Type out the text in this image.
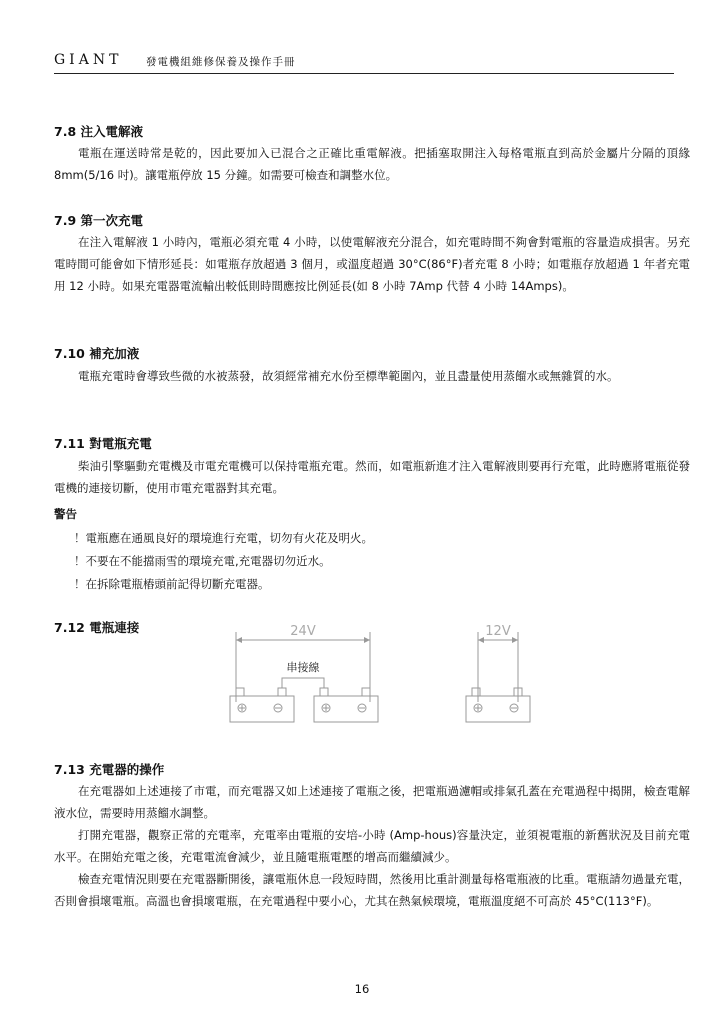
GIANT 發電機組維修保養及操作手冊
7.8 注入電解液

電瓶在運送時常是乾的，因此要加入已混合之正確比重電解液。把插塞取開注入每格電瓶直到高於金屬片分隔的頂緣 8mm(5/16 吋)。讓電瓶停放 15 分鐘。如需要可檢查和調整水位。

7.9 第一次充電

在注入電解液 1 小時內，電瓶必須充電 4 小時，以使電解液充分混合，如充電時間不夠會對電瓶的容量造成損害。另充電時間可能會如下情形延長：如電瓶存放超過 3 個月，或溫度超過 30°C(86°F)者充電 8 小時；如電瓶存放超過 1 年者充電用 12 小時。如果充電器電流輸出較低則時間應按比例延長(如 8 小時 7Amp 代替 4 小時 14Amps)。

7.10 補充加液

電瓶充電時會導致些微的水被蒸發，故須經常補充水份至標準範圍內，並且盡量使用蒸餾水或無雜質的水。

7.11 對電瓶充電

柴油引擎驅動充電機及市電充電機可以保持電瓶充電。然而，如電瓶新進才注入電解液則要再行充電，此時應將電瓶從發電機的連接切斷，使用市電充電器對其充電。

警告
！電瓶應在通風良好的環境進行充電，切勿有火花及明火。
！不要在不能擋雨雪的環境充電,充電器切勿近水。
！在拆除電瓶樁頭前記得切斷充電器。
7.12 電瓶連接	24V	12V
串接線
7.13 充電器的操作

在充電器如上述連接了市電，而充電器又如上述連接了電瓶之後，把電瓶過濾帽或排氣孔蓋在充電過程中揭開，檢查電解液水位，需要時用蒸餾水調整。

打開充電器，觀察正常的充電率，充電率由電瓶的安培-小時 (Amp-hous)容量決定，並須視電瓶的新舊狀況及目前充電水平。在開始充電之後，充電電流會減少，並且隨電瓶電壓的增高而繼續減少。

檢查充電情況則要在充電器斷開後，讓電瓶休息一段短時間，然後用比重計測量每格電瓶液的比重。電瓶請勿過量充電，否則會損壞電瓶。高溫也會損壞電瓶，在充電過程中要小心，尤其在熱氣候環境，電瓶溫度絕不可高於 45°C(113°F)。

16
